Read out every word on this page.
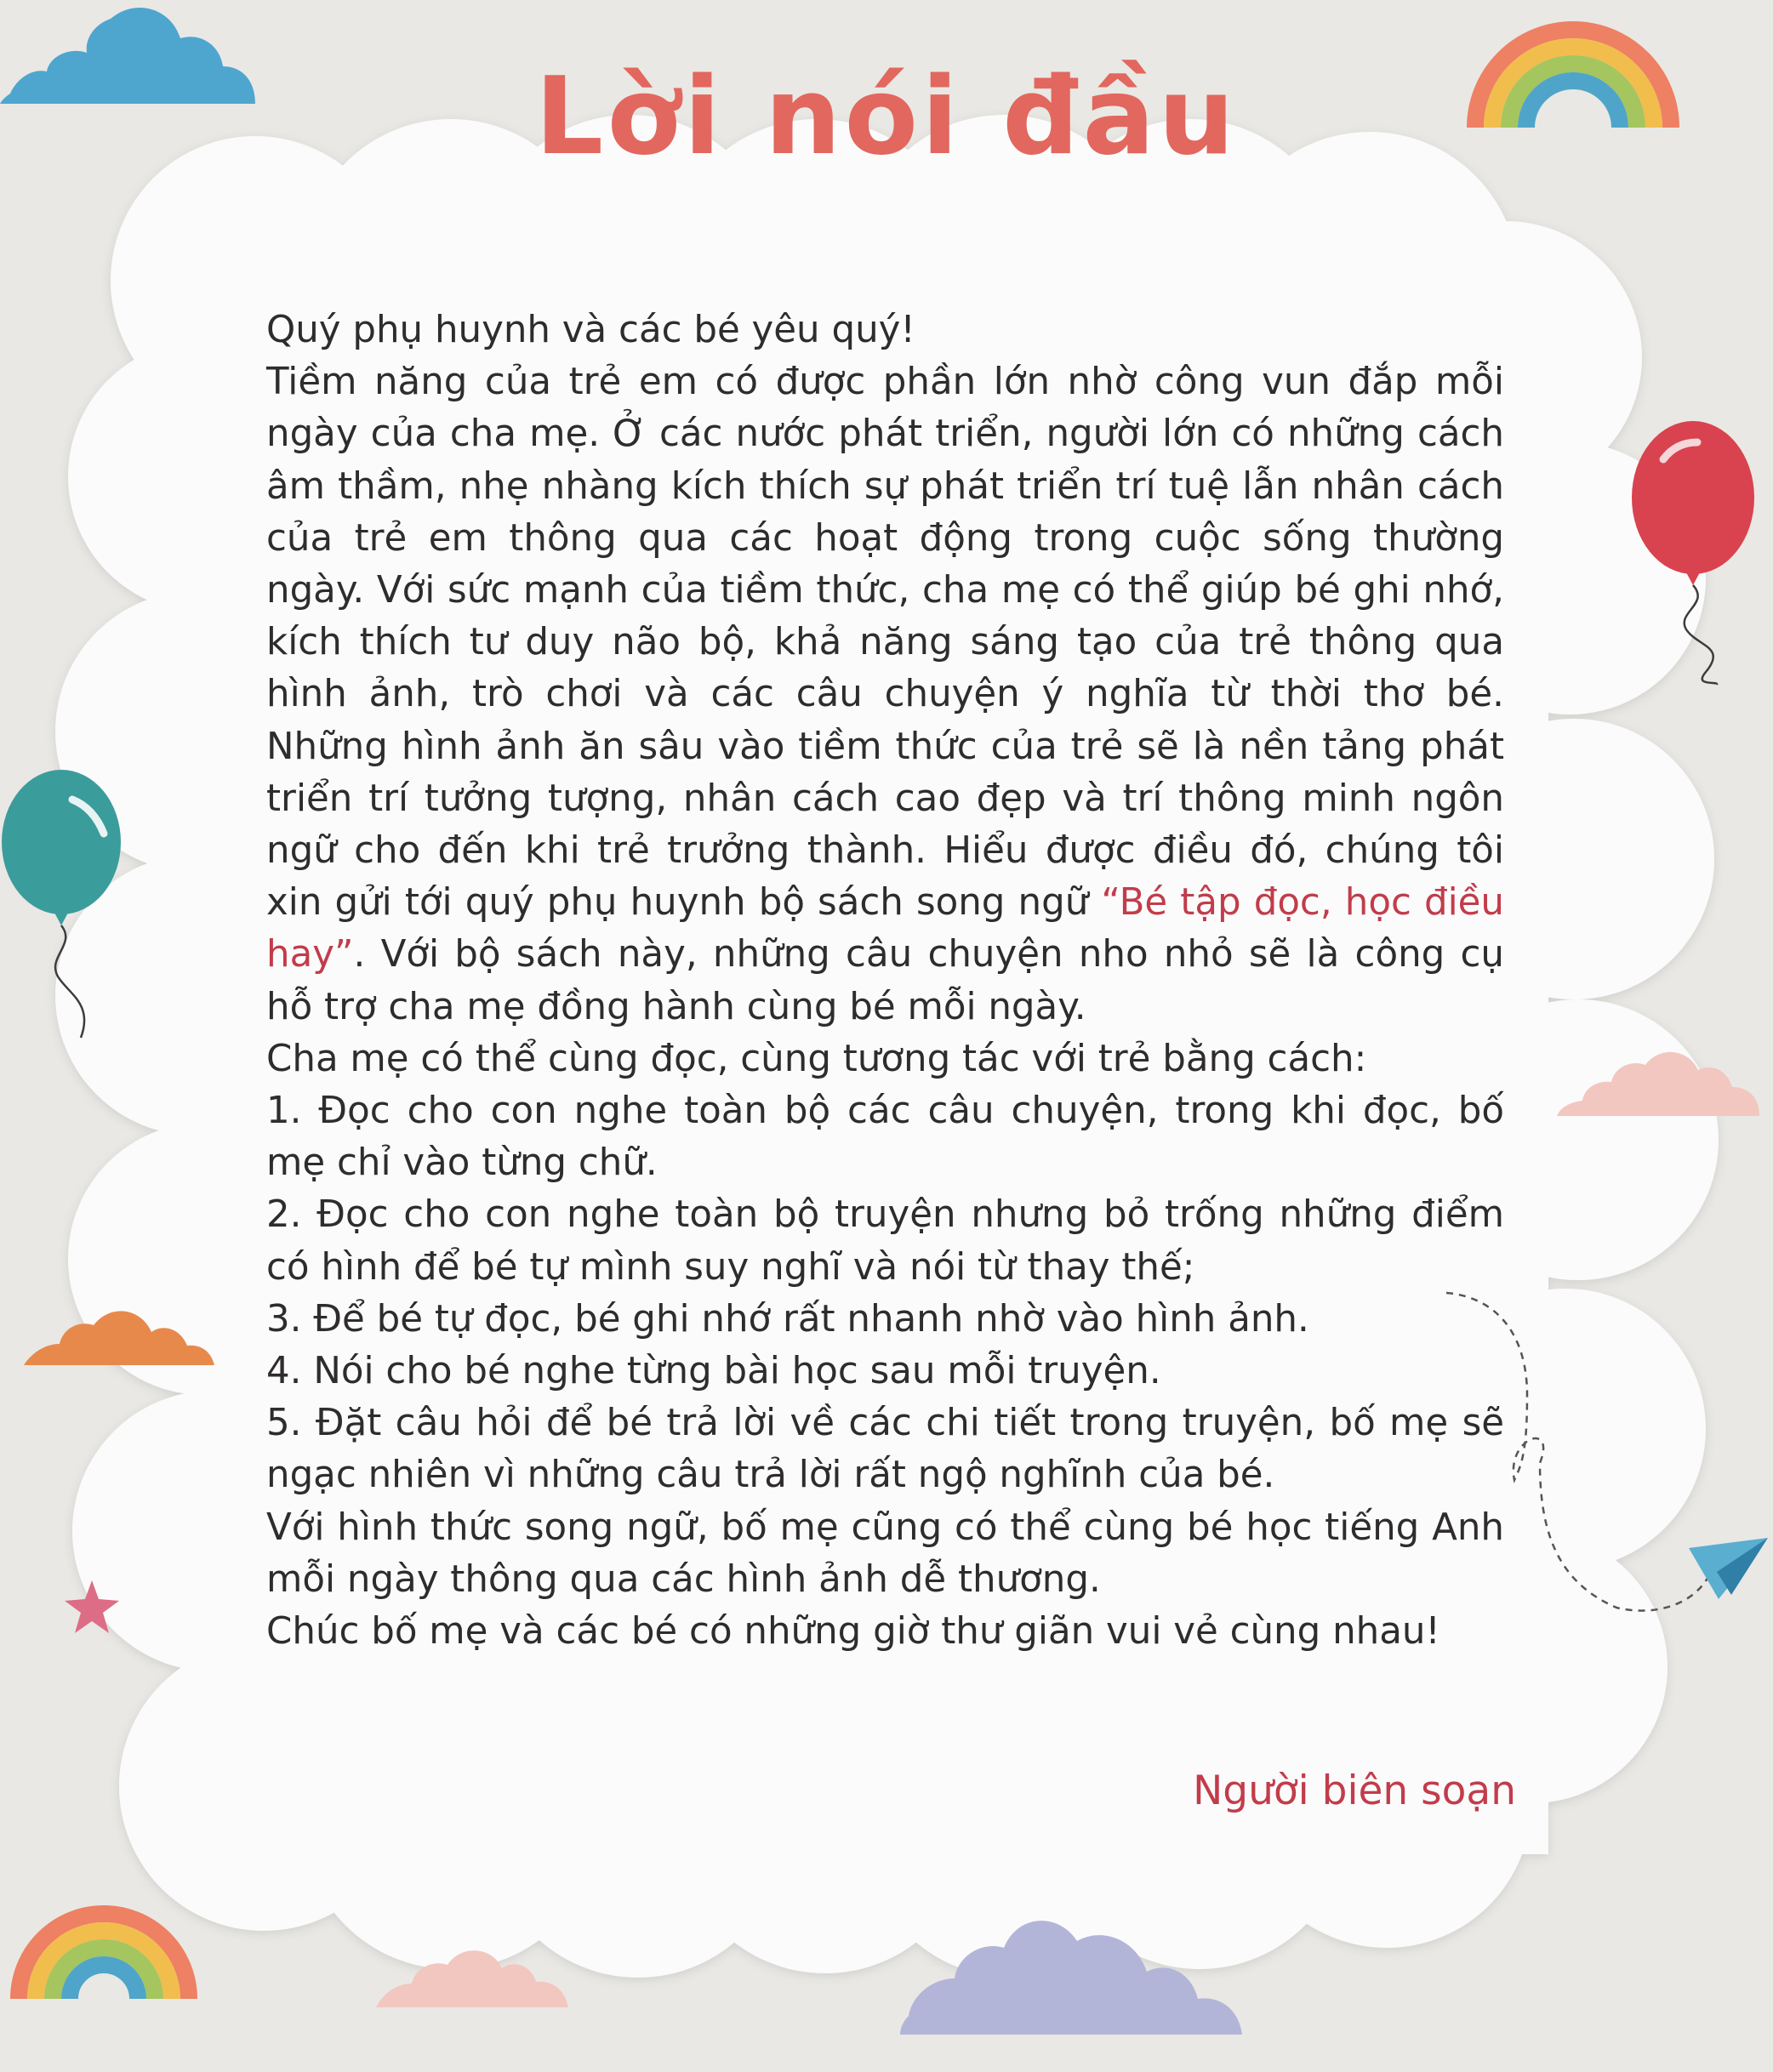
Lời nói đầu

Quý phụ huynh và các bé yêu quý!

Tiềm năng của trẻ em có được phần lớn nhờ công vun đắp mỗi ngày của cha mẹ. Ở các nước phát triển, người lớn có những cách âm thầm, nhẹ nhàng kích thích sự phát triển trí tuệ lẫn nhân cách của trẻ em thông qua các hoạt động trong cuộc sống thường ngày. Với sức mạnh của tiềm thức, cha mẹ có thể giúp bé ghi nhớ, kích thích tư duy não bộ, khả năng sáng tạo của trẻ thông qua hình ảnh, trò chơi và các câu chuyện ý nghĩa từ thời thơ bé. Những hình ảnh ăn sâu vào tiềm thức của trẻ sẽ là nền tảng phát triển trí tưởng tượng, nhân cách cao đẹp và trí thông minh ngôn ngữ cho đến khi trẻ trưởng thành. Hiểu được điều đó, chúng tôi xin gửi tới quý phụ huynh bộ sách song ngữ “Bé tập đọc, học điều hay”. Với bộ sách này, những câu chuyện nho nhỏ sẽ là công cụ hỗ trợ cha mẹ đồng hành cùng bé mỗi ngày.

Cha mẹ có thể cùng đọc, cùng tương tác với trẻ bằng cách:

1. Đọc cho con nghe toàn bộ các câu chuyện, trong khi đọc, bố mẹ chỉ vào từng chữ.

2. Đọc cho con nghe toàn bộ truyện nhưng bỏ trống những điểm có hình để bé tự mình suy nghĩ và nói từ thay thế;

3. Để bé tự đọc, bé ghi nhớ rất nhanh nhờ vào hình ảnh.

4. Nói cho bé nghe từng bài học sau mỗi truyện.

5. Đặt câu hỏi để bé trả lời về các chi tiết trong truyện, bố mẹ sẽ ngạc nhiên vì những câu trả lời rất ngộ nghĩnh của bé.

Với hình thức song ngữ, bố mẹ cũng có thể cùng bé học tiếng Anh mỗi ngày thông qua các hình ảnh dễ thương.

Chúc bố mẹ và các bé có những giờ thư giãn vui vẻ cùng nhau!

Người biên soạn
